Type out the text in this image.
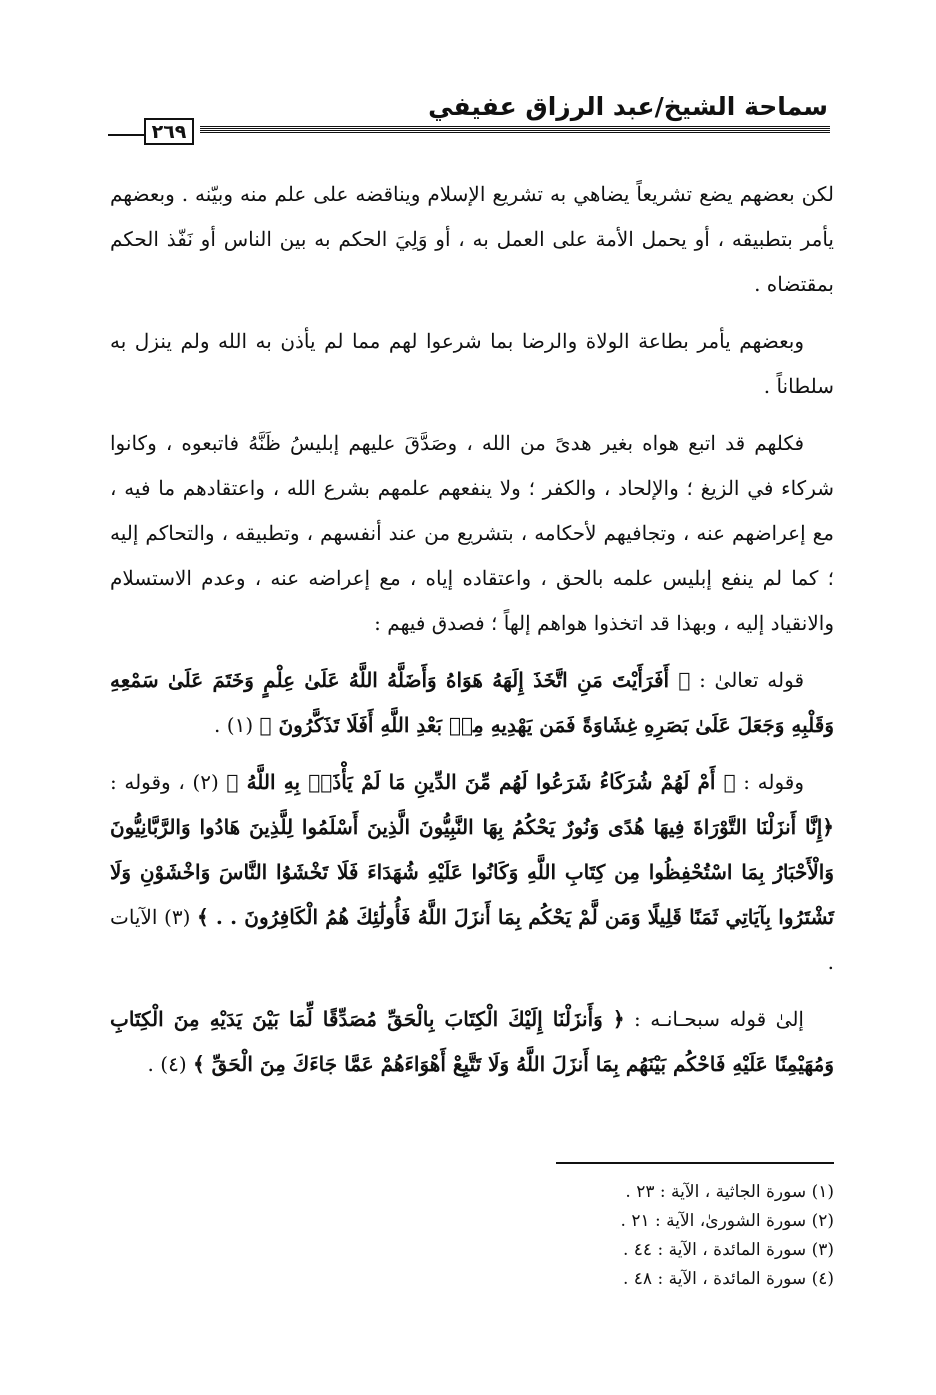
سماحة الشيخ/عبد الرزاق عفيفي
٢٦٩

لكن بعضهم يضع تشريعاً يضاهي به تشريع الإسلام ويناقضه على علم منه وبيّنه . وبعضهم يأمر بتطبيقه ، أو يحمل الأمة على العمل به ، أو وَلِيَ الحكم به بين الناس أو نَفّذ الحكم بمقتضاه .

وبعضهم يأمر بطاعة الولاة والرضا بما شرعوا لهم مما لم يأذن به الله ولم ينزل به سلطاناً .

فكلهم قد اتبع هواه بغير هدىً من الله ، وصَدَّقَ عليهم إبليسُ ظَنَّهُ فاتبعوه ، وكانوا شركاء في الزيغ ؛ والإلحاد ، والكفر ؛ ولا ينفعهم علمهم بشرع الله ، واعتقادهم ما فيه ، مع إعراضهم عنه ، وتجافيهم لأحكامه ، بتشريع من عند أنفسهم ، وتطبيقه ، والتحاكم إليه ؛ كما لم ينفع إبليس علمه بالحق ، واعتقاده إياه ، مع إعراضه عنه ، وعدم الاستسلام والانقياد إليه ، وبهذا قد اتخذوا هواهم إلهاً ؛ فصدق فيهم :

قوله تعالىٰ : ﴿ أَفَرَأَيْتَ مَنِ اتَّخَذَ إِلَهَهُ هَوَاهُ وَأَضَلَّهُ اللَّهُ عَلَىٰ عِلْمٍ وَخَتَمَ عَلَىٰ سَمْعِهِ وَقَلْبِهِ وَجَعَلَ عَلَىٰ بَصَرِهِ غِشَاوَةً فَمَن يَهْدِيهِ مِنۢ بَعْدِ اللَّهِ أَفَلَا تَذَكَّرُونَ ﴾ (١) .

وقوله : ﴿ أَمْ لَهُمْ شُرَكَاءُ شَرَعُوا لَهُم مِّنَ الدِّينِ مَا لَمْ يَأْذَنۢ بِهِ اللَّهُ ﴾ (٢) ، وقوله : ﴿إِنَّا أَنزَلْنَا التَّوْرَاةَ فِيهَا هُدًى وَنُورٌ يَحْكُمُ بِهَا النَّبِيُّونَ الَّذِينَ أَسْلَمُوا لِلَّذِينَ هَادُوا وَالرَّبَّانِيُّونَ وَالْأَحْبَارُ بِمَا اسْتُحْفِظُوا مِن كِتَابِ اللَّهِ وَكَانُوا عَلَيْهِ شُهَدَاءَ فَلَا تَخْشَوُا النَّاسَ وَاخْشَوْنِ وَلَا تَشْتَرُوا بِآيَاتِي ثَمَنًا قَلِيلًا وَمَن لَّمْ يَحْكُم بِمَا أَنزَلَ اللَّهُ فَأُولَٰئِكَ هُمُ الْكَافِرُونَ . . ﴾ (٣) الآيات .

إلىٰ قوله سبحـانـه : ﴿ وَأَنزَلْنَا إِلَيْكَ الْكِتَابَ بِالْحَقِّ مُصَدِّقًا لِّمَا بَيْنَ يَدَيْهِ مِنَ الْكِتَابِ وَمُهَيْمِنًا عَلَيْهِ فَاحْكُم بَيْنَهُم بِمَا أَنزَلَ اللَّهُ وَلَا تَتَّبِعْ أَهْوَاءَهُمْ عَمَّا جَاءَكَ مِنَ الْحَقِّ ﴾ (٤) .

(١) سورة الجاثية ، الآية : ٢٣ .
(٢) سورة الشورىٰ، الآية : ٢١ .
(٣) سورة المائدة ، الآية : ٤٤ .
(٤) سورة المائدة ، الآية : ٤٨ .
